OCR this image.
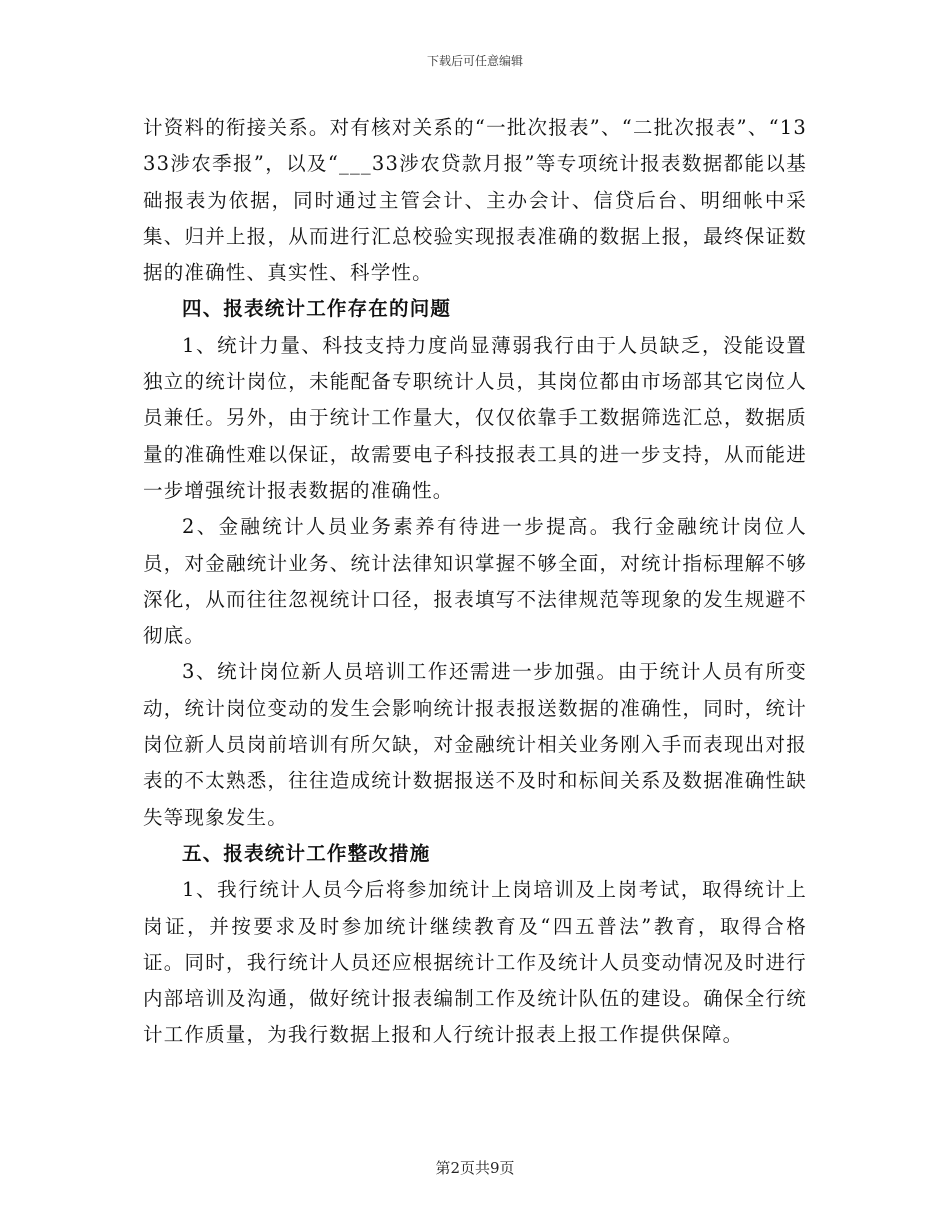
下载后可任意编辑

计资料的衔接关系。对有核对关系的“一批次报表”、“二批次报表”、“1333涉农季报”，以及“___33涉农贷款月报”等专项统计报表数据都能以基础报表为依据，同时通过主管会计、主办会计、信贷后台、明细帐中采集、归并上报，从而进行汇总校验实现报表准确的数据上报，最终保证数据的准确性、真实性、科学性。

四、报表统计工作存在的问题

1、统计力量、科技支持力度尚显薄弱我行由于人员缺乏，没能设置独立的统计岗位，未能配备专职统计人员，其岗位都由市场部其它岗位人员兼任。另外，由于统计工作量大，仅仅依靠手工数据筛选汇总，数据质量的准确性难以保证，故需要电子科技报表工具的进一步支持，从而能进一步增强统计报表数据的准确性。

2、金融统计人员业务素养有待进一步提高。我行金融统计岗位人员，对金融统计业务、统计法律知识掌握不够全面，对统计指标理解不够深化，从而往往忽视统计口径，报表填写不法律规范等现象的发生规避不彻底。

3、统计岗位新人员培训工作还需进一步加强。由于统计人员有所变动，统计岗位变动的发生会影响统计报表报送数据的准确性，同时，统计岗位新人员岗前培训有所欠缺，对金融统计相关业务刚入手而表现出对报表的不太熟悉，往往造成统计数据报送不及时和标间关系及数据准确性缺失等现象发生。

五、报表统计工作整改措施

1、我行统计人员今后将参加统计上岗培训及上岗考试，取得统计上岗证，并按要求及时参加统计继续教育及“四五普法”教育，取得合格证。同时，我行统计人员还应根据统计工作及统计人员变动情况及时进行内部培训及沟通，做好统计报表编制工作及统计队伍的建设。确保全行统计工作质量，为我行数据上报和人行统计报表上报工作提供保障。

第2页共9页
